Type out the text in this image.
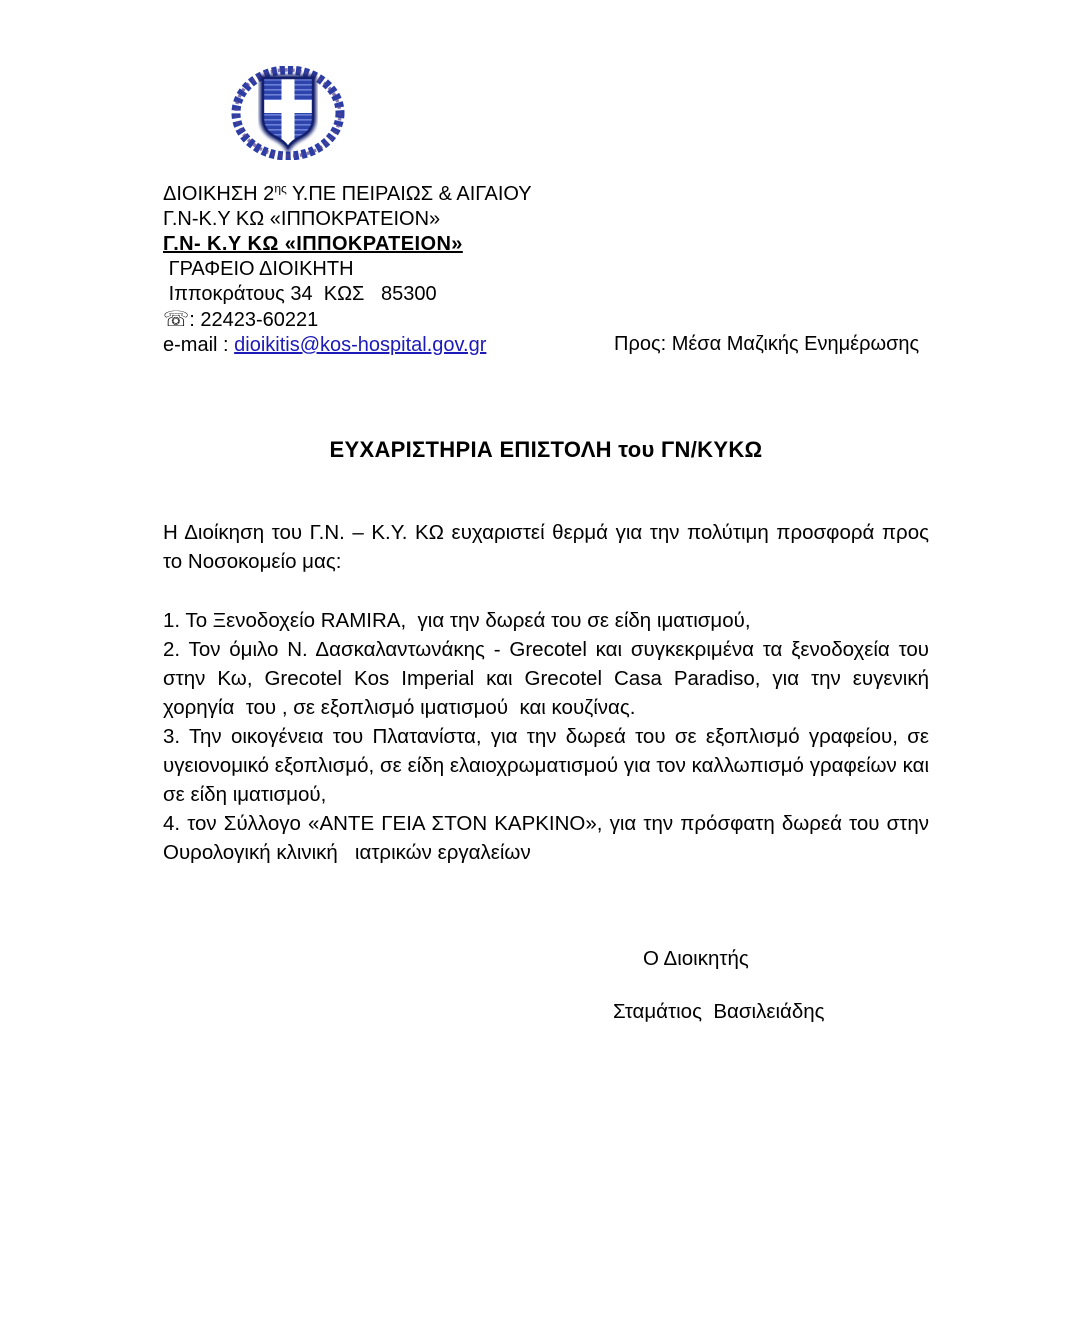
ΔΙΟΙΚΗΣΗ $2^{\eta\varsigma}$ Υ.ΠΕ ΠΕΙΡΑΙΩΣ & ΑΙΓΑΙΟΥ
Γ.Ν-Κ.Υ ΚΩ «ΙΠΠΟΚΡΑΤΕΙΟΝ»
Γ.Ν- Κ.Υ ΚΩ «ΙΠΠΟΚΡΑΤΕΙΟΝ»
ΓΡΑΦΕΙΟ ΔΙΟΙΚΗΤΗ
Ιπποκράτους 34  ΚΩΣ   85300
☏: 22423-60221
e-mail : dioikitis@kos-hospital.gov.gr	Προς: Μέσα Μαζικής Ενημέρωσης
ΕΥΧΑΡΙΣΤΗΡΙΑ ΕΠΙΣΤΟΛΗ του ΓΝ/ΚΥΚΩ
Η Διοίκηση του Γ.Ν. – Κ.Υ. ΚΩ ευχαριστεί θερμά για την πολύτιμη προσφορά προς
το Νοσοκομείο μας:
1. Το Ξενοδοχείο RAMIRA,  για την δωρεά του σε είδη ιματισμού,
2. Τον όμιλο Ν. Δασκαλαντωνάκης - Grecotel και συγκεκριμένα τα ξενοδοχεία του
στην Κω, Grecotel Kos Imperial και Grecotel Casa Paradiso, για την ευγενική
χορηγία  του , σε εξοπλισμό ιματισμού  και κουζίνας.
3. Την οικογένεια του Πλατανίστα, για την δωρεά του σε εξοπλισμό γραφείου, σε
υγειονομικό εξοπλισμό, σε είδη ελαιοχρωματισμού για τον καλλωπισμό γραφείων και
σε είδη ιματισμού,
4. τον Σύλλογο «ΑΝΤΕ ΓΕΙΑ ΣΤΟΝ ΚΑΡΚΙΝΟ», για την πρόσφατη δωρεά του στην
Ουρολογική κλινική   ιατρικών εργαλείων
Ο Διοικητής
Σταμάτιος  Βασιλειάδης
